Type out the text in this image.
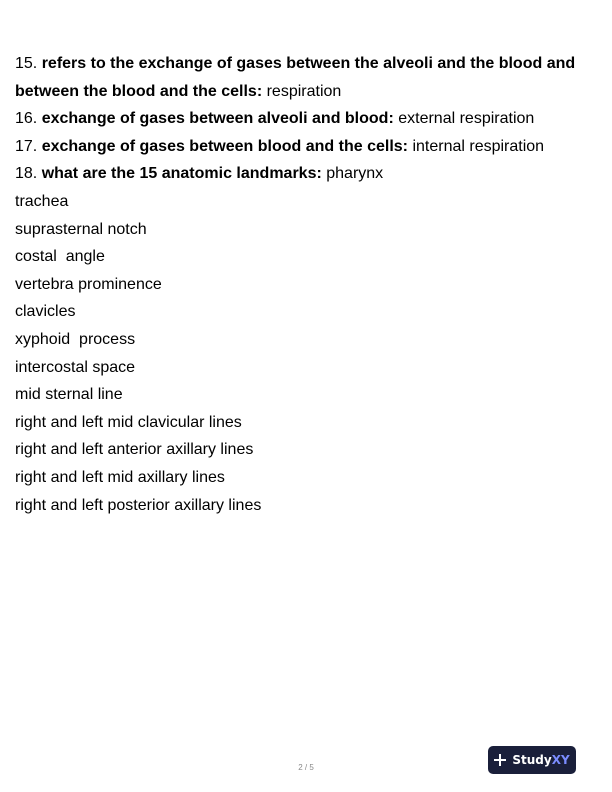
15. refers to the exchange of gases between the alveoli and the blood and between the blood and the cells: respiration
16. exchange of gases between alveoli and blood: external respiration
17. exchange of gases between blood and the cells: internal respiration
18. what are the 15 anatomic landmarks: pharynx
trachea
suprasternal notch
costal  angle
vertebra prominence
clavicles
xyphoid  process
intercostal space
mid sternal line
right and left mid clavicular lines
right and left anterior axillary lines
right and left mid axillary lines
right and left posterior axillary lines
2 / 5
StudyXY
